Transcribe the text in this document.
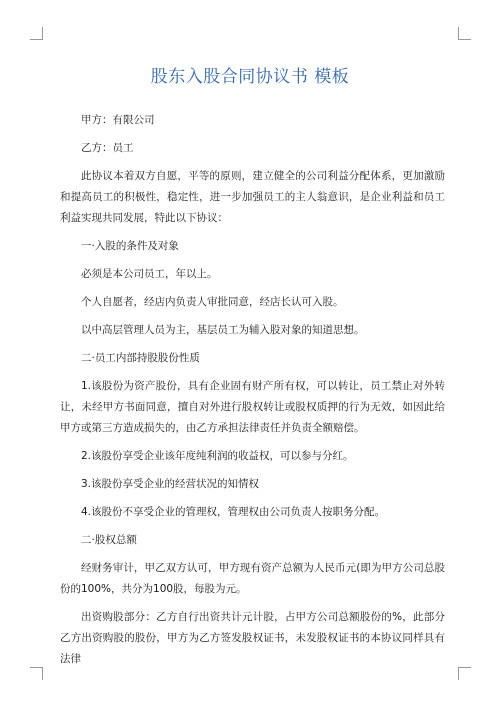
股东入股合同协议书 模板

甲方：有限公司

乙方：员工

此协议本着双方自愿，平等的原则，建立健全的公司利益分配体系，更加激励和提高员工的积极性，稳定性，进一步加强员工的主人翁意识，是企业利益和员工利益实现共同发展，特此以下协议：

一·入股的条件及对象

必须是本公司员工，年以上。

个人自愿者，经店内负责人审批同意，经店长认可入股。

以中高层管理人员为主，基层员工为辅入股对象的知道思想。

二·员工内部持股股份性质

1.该股份为资产股份，具有企业固有财产所有权，可以转让，员工禁止对外转让，未经甲方书面同意，擅自对外进行股权转让或股权质押的行为无效，如因此给甲方或第三方造成损失的，由乙方承担法律责任并负责全额赔偿。

2.该股份享受企业该年度纯利润的收益权，可以参与分红。

3.该股份享受企业的经营状况的知情权

4.该股份不享受企业的管理权，管理权由公司负责人按职务分配。

二·股权总额

经财务审计，甲乙双方认可，甲方现有资产总额为人民币元(即为甲方公司总股份的100%，共分为100股，每股为元。

出资购股部分：乙方自行出资共计元计股，占甲方公司总额股份的%，此部分乙方出资购股的股份，甲方为乙方签发股权证书，未发股权证书的本协议同样具有法律
